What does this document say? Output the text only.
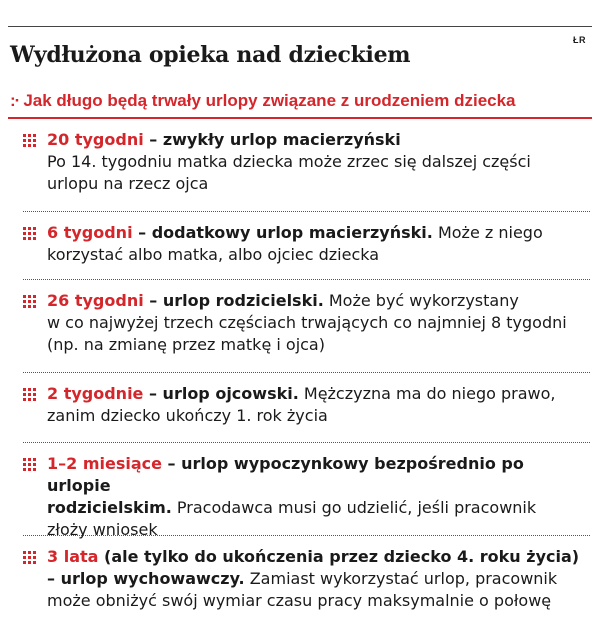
ŁR
Wydłużona opieka nad dzieckiem
:· Jak długo będą trwały urlopy związane z urodzeniem dziecka
20 tygodni – zwykły urlop macierzyński
Po 14. tygodniu matka dziecka może zrzec się dalszej części
urlopu na rzecz ojca
6 tygodni – dodatkowy urlop macierzyński. Może z niego
korzystać albo matka, albo ojciec dziecka
26 tygodni – urlop rodzicielski. Może być wykorzystany
w co najwyżej trzech częściach trwających co najmniej 8 tygodni
(np. na zmianę przez matkę i ojca)
2 tygodnie – urlop ojcowski. Mężczyzna ma do niego prawo,
zanim dziecko ukończy 1. rok życia
1–2 miesiące – urlop wypoczynkowy bezpośrednio po urlopie
rodzicielskim. Pracodawca musi go udzielić, jeśli pracownik
złoży wniosek
3 lata (ale tylko do ukończenia przez dziecko 4. roku życia)
– urlop wychowawczy. Zamiast wykorzystać urlop, pracownik
może obniżyć swój wymiar czasu pracy maksymalnie o połowę
